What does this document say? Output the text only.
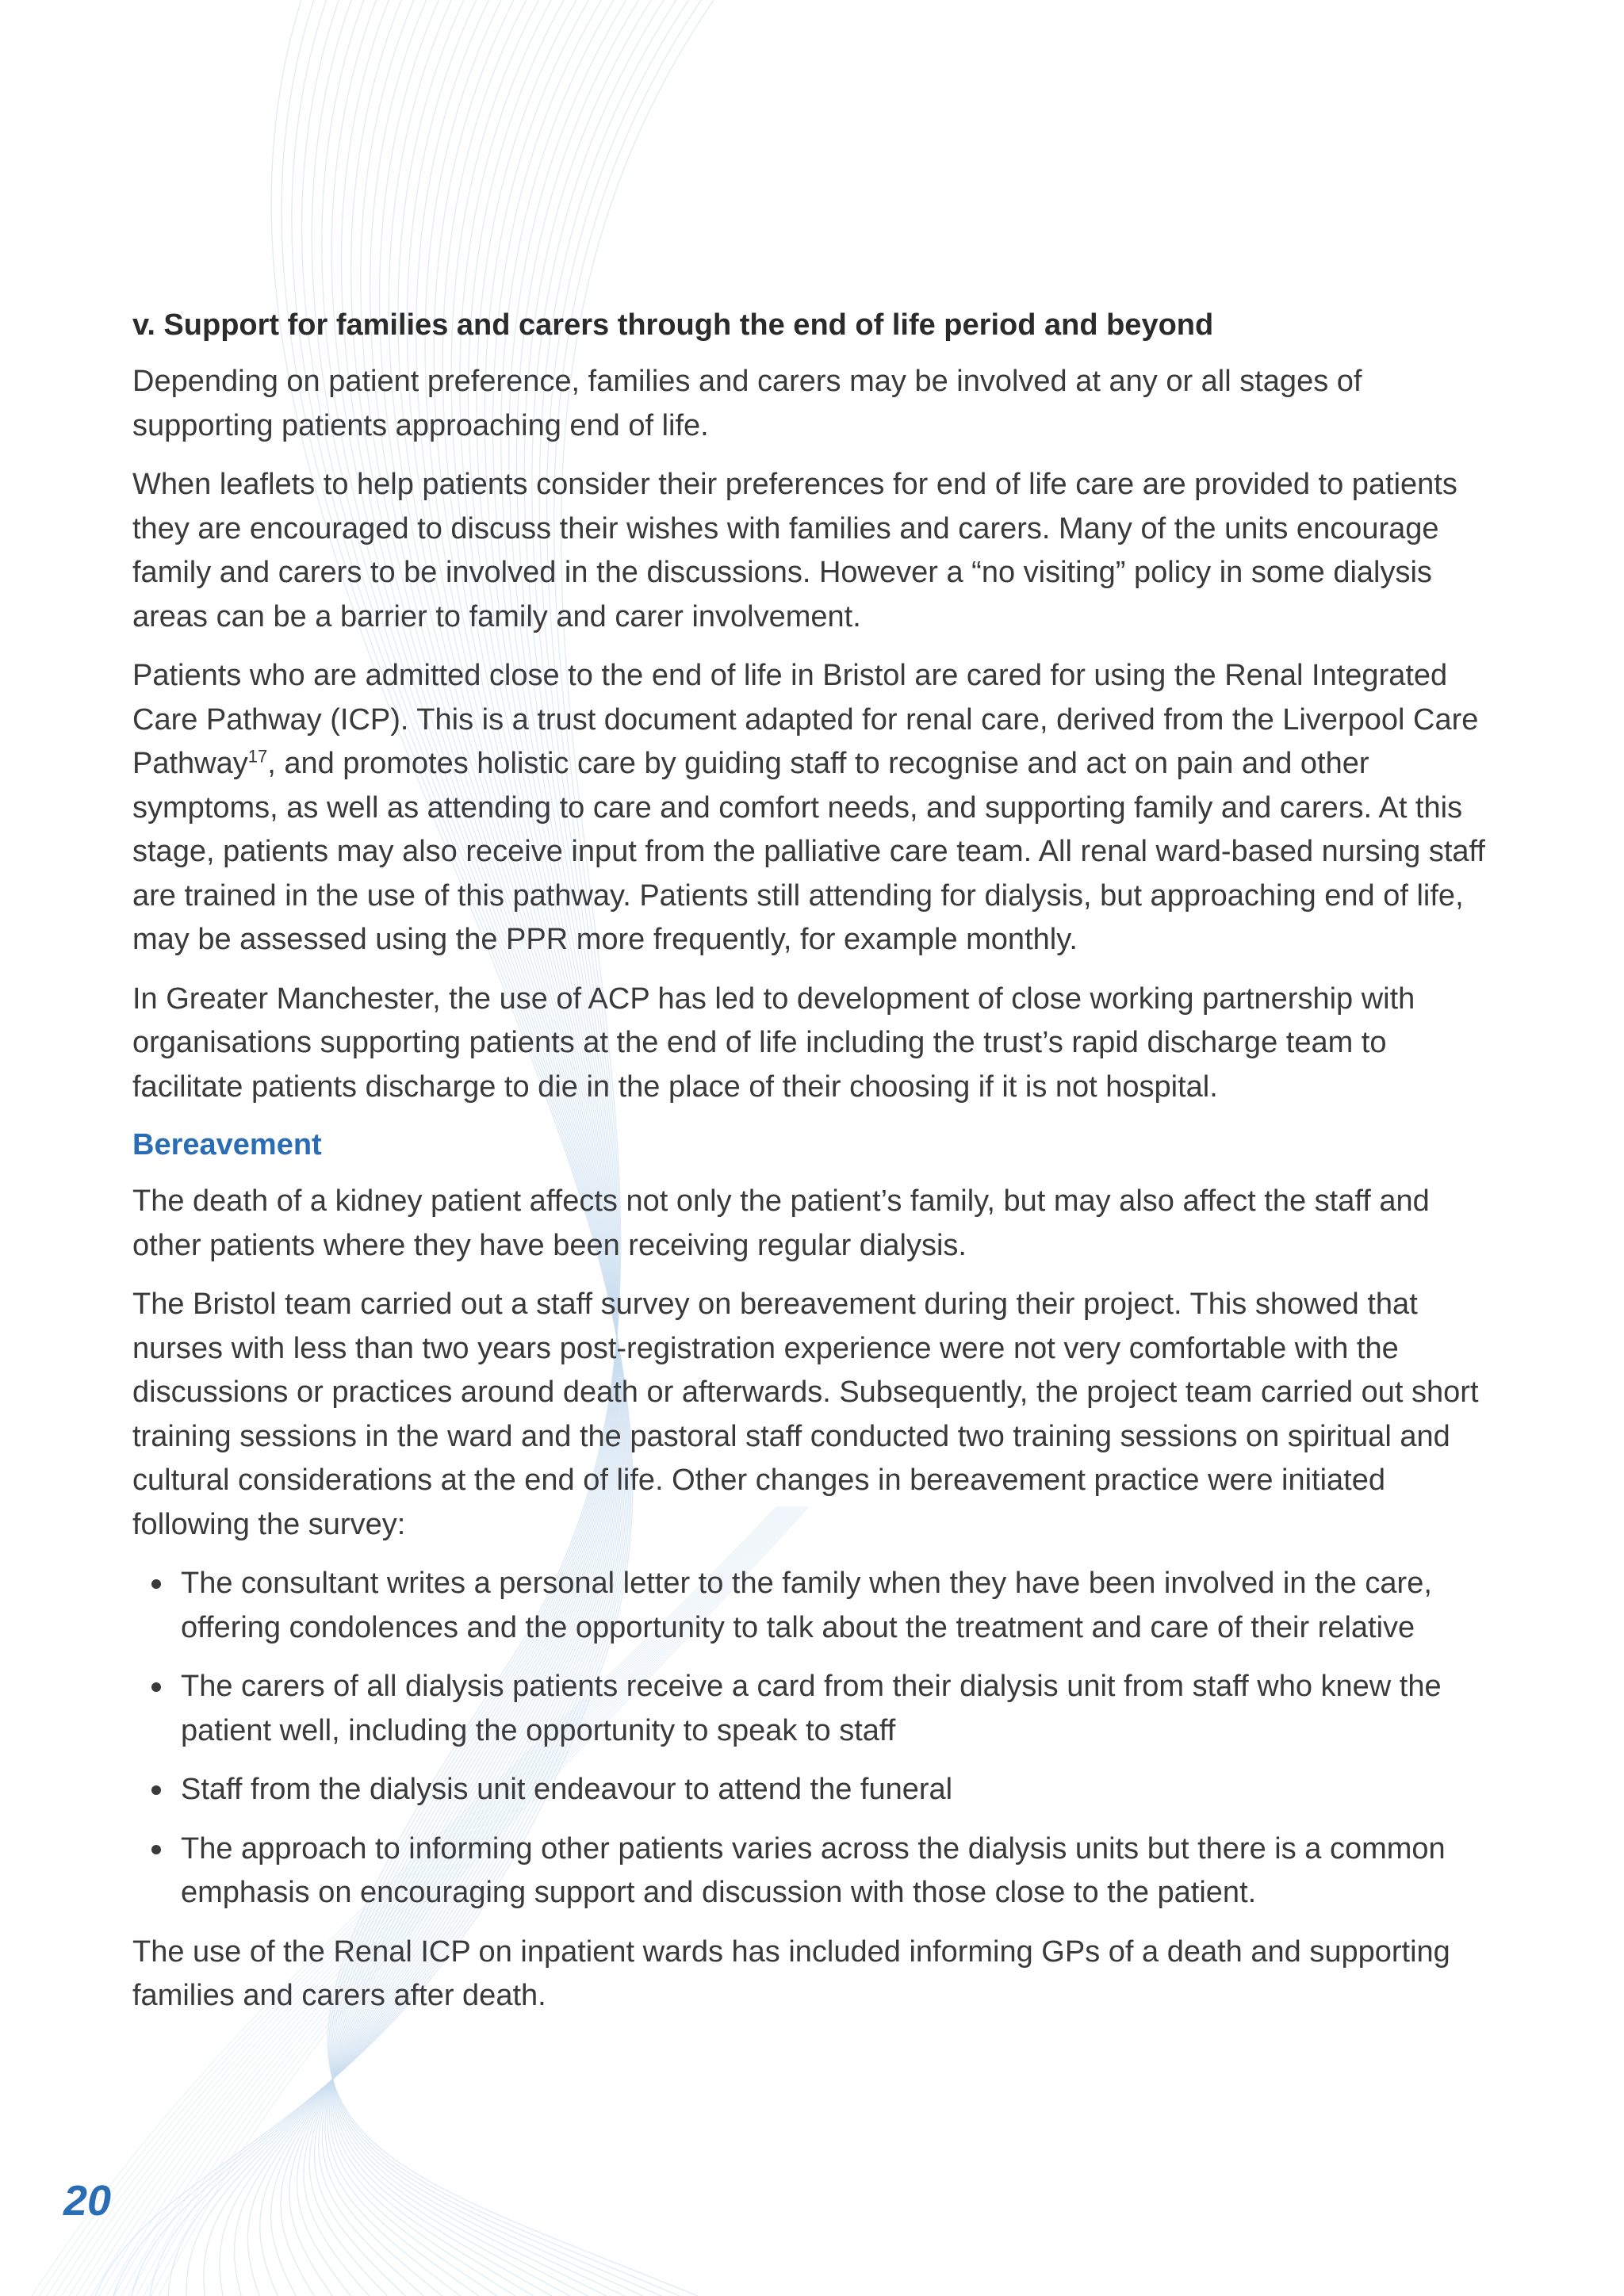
v. Support for families and carers through the end of life period and beyond

Depending on patient preference, families and carers may be involved at any or all stages of supporting patients approaching end of life.

When leaflets to help patients consider their preferences for end of life care are provided to patients they are encouraged to discuss their wishes with families and carers. Many of the units encourage family and carers to be involved in the discussions. However a “no visiting” policy in some dialysis areas can be a barrier to family and carer involvement.

Patients who are admitted close to the end of life in Bristol are cared for using the Renal Integrated Care Pathway (ICP). This is a trust document adapted for renal care, derived from the Liverpool Care Pathway$^{17}$, and promotes holistic care by guiding staff to recognise and act on pain and other symptoms, as well as attending to care and comfort needs, and supporting family and carers. At this stage, patients may also receive input from the palliative care team. All renal ward-based nursing staff are trained in the use of this pathway. Patients still attending for dialysis, but approaching end of life, may be assessed using the PPR more frequently, for example monthly.

In Greater Manchester, the use of ACP has led to development of close working partnership with organisations supporting patients at the end of life including the trust’s rapid discharge team to facilitate patients discharge to die in the place of their choosing if it is not hospital.

Bereavement

The death of a kidney patient affects not only the patient’s family, but may also affect the staff and other patients where they have been receiving regular dialysis.

The Bristol team carried out a staff survey on bereavement during their project. This showed that nurses with less than two years post-registration experience were not very comfortable with the discussions or practices around death or afterwards. Subsequently, the project team carried out short training sessions in the ward and the pastoral staff conducted two training sessions on spiritual and cultural considerations at the end of life. Other changes in bereavement practice were initiated following the survey:

The consultant writes a personal letter to the family when they have been involved in the care, offering condolences and the opportunity to talk about the treatment and care of their relative
The carers of all dialysis patients receive a card from their dialysis unit from staff who knew the patient well, including the opportunity to speak to staff
Staff from the dialysis unit endeavour to attend the funeral
The approach to informing other patients varies across the dialysis units but there is a common emphasis on encouraging support and discussion with those close to the patient.

The use of the Renal ICP on inpatient wards has included informing GPs of a death and supporting families and carers after death.

20
